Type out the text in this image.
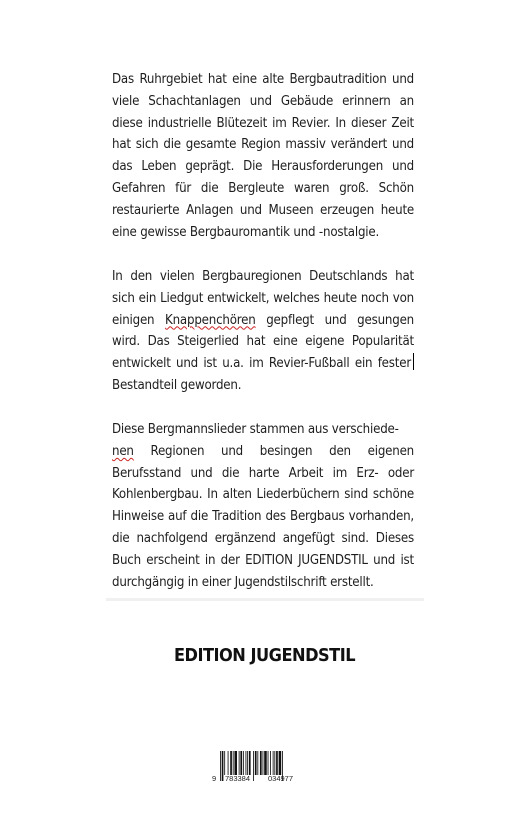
Das Ruhrgebiet hat eine alte Bergbautradition und viele Schachtanlagen und Gebäude erinnern an diese industrielle Blütezeit im Revier. In dieser Zeit hat sich die gesamte Region massiv verändert und das Leben geprägt. Die Herausforderungen und Gefahren für die Bergleute waren groß. Schön restaurierte Anlagen und Museen erzeugen heute eine gewisse Bergbauromantik und -nostalgie.
In den vielen Bergbauregionen Deutschlands hat sich ein Liedgut entwickelt, welches heute noch von einigen Knappenchören gepflegt und gesungen wird. Das Steigerlied hat eine eigene Popularität entwickelt und ist u.a. im Revier-Fußball ein fester Bestandteil geworden.
Diese Bergmannslieder stammen aus verschiede-
nen Regionen und besingen den eigenen Berufsstand und die harte Arbeit im Erz- oder Kohlenbergbau. In alten Liederbüchern sind schöne Hinweise auf die Tradition des Bergbaus vorhanden, die nachfolgend ergänzend angefügt sind. Dieses Buch erscheint in der EDITION JUGENDSTIL und ist durchgängig in einer Jugendstilschrift erstellt.
EDITION JUGENDSTIL
9 783384 034977
